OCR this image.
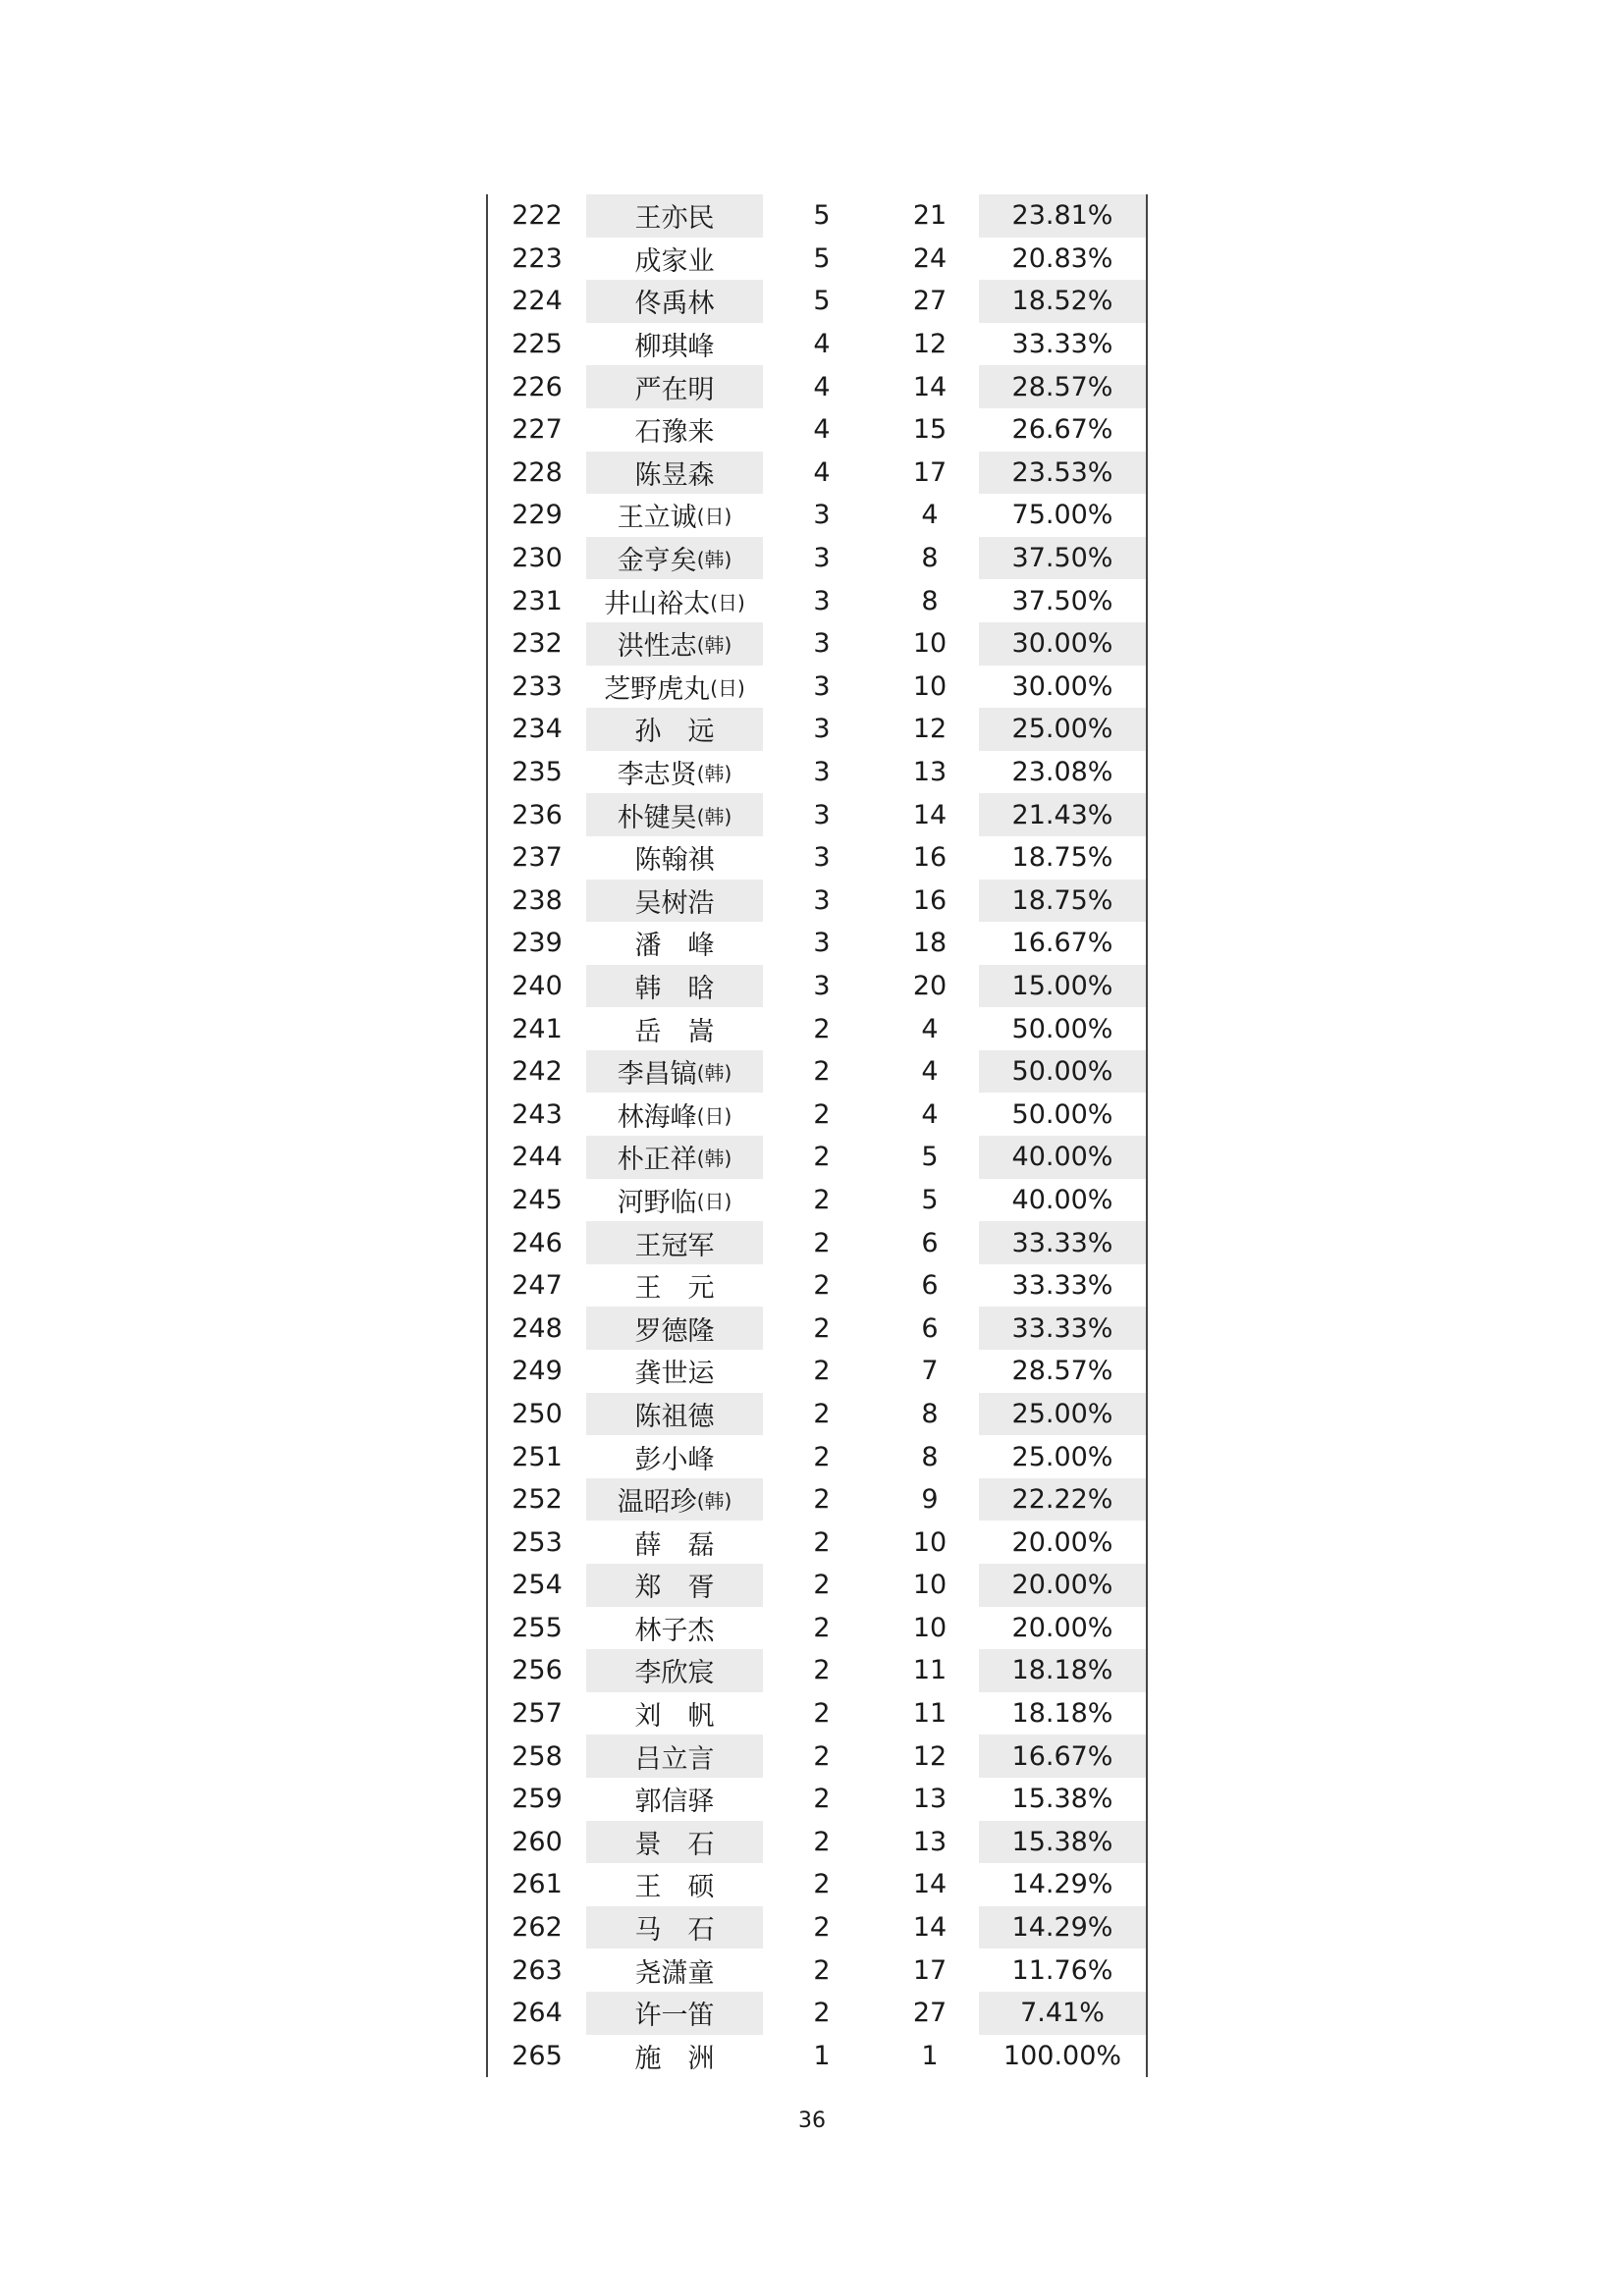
222	王亦民	5	21 23.81%
223	成家业	5	24 20.83%
224	佟禹林	5	27 18.52%
225	柳琪峰	4	12 33.33%
226	严在明	4	14 28.57%
227	石豫来	4	15 26.67%
228	陈昱森	4	17 23.53%
229 王立诚 (日)	3	4	75.00%
230 金亨矣 (韩)	3	8	37.50%
231 井山裕太 (日)	3	8	37.50%
232 洪性志 (韩)	3	10 30.00%
233 芝野虎丸 (日)	3	10 30.00%
234	孙　远	3	12 25.00%
235 李志贤 (韩)	3	13 23.08%
236 朴键昊 (韩)	3	14 21.43%
237	陈翰祺	3	16 18.75%
238	吴树浩	3	16 18.75%
239	潘　峰	3	18 16.67%
240	韩　晗	3	20 15.00%
241	岳　嵩	2	4	50.00%
242 李昌镐 (韩)	2	4	50.00%
243 林海峰 (日)	2	4	50.00%
244 朴正祥 (韩)	2	5	40.00%
245 河野临 (日)	2	5	40.00%
246	王冠军	2	6	33.33%
247	王　元	2	6	33.33%
248	罗德隆	2	6	33.33%
249	龚世运	2	7	28.57%
250	陈祖德	2	8	25.00%
251	彭小峰	2	8	25.00%
252 温昭珍 (韩)	2	9	22.22%
253	薛　磊	2	10 20.00%
254	郑　胥	2	10 20.00%
255	林子杰	2	10 20.00%
256	李欣宸	2	11 18.18%
257	刘　帆	2	11 18.18%
258	吕立言	2	12 16.67%
259	郭信驿	2	13 15.38%
260	景　石	2	13 15.38%
261	王　硕	2	14 14.29%
262	马　石	2	14 14.29%
263	尧潇童	2	17 11.76%
264	许一笛	2	27	7.41%
265	施　洲	1	1 100.00%
36
